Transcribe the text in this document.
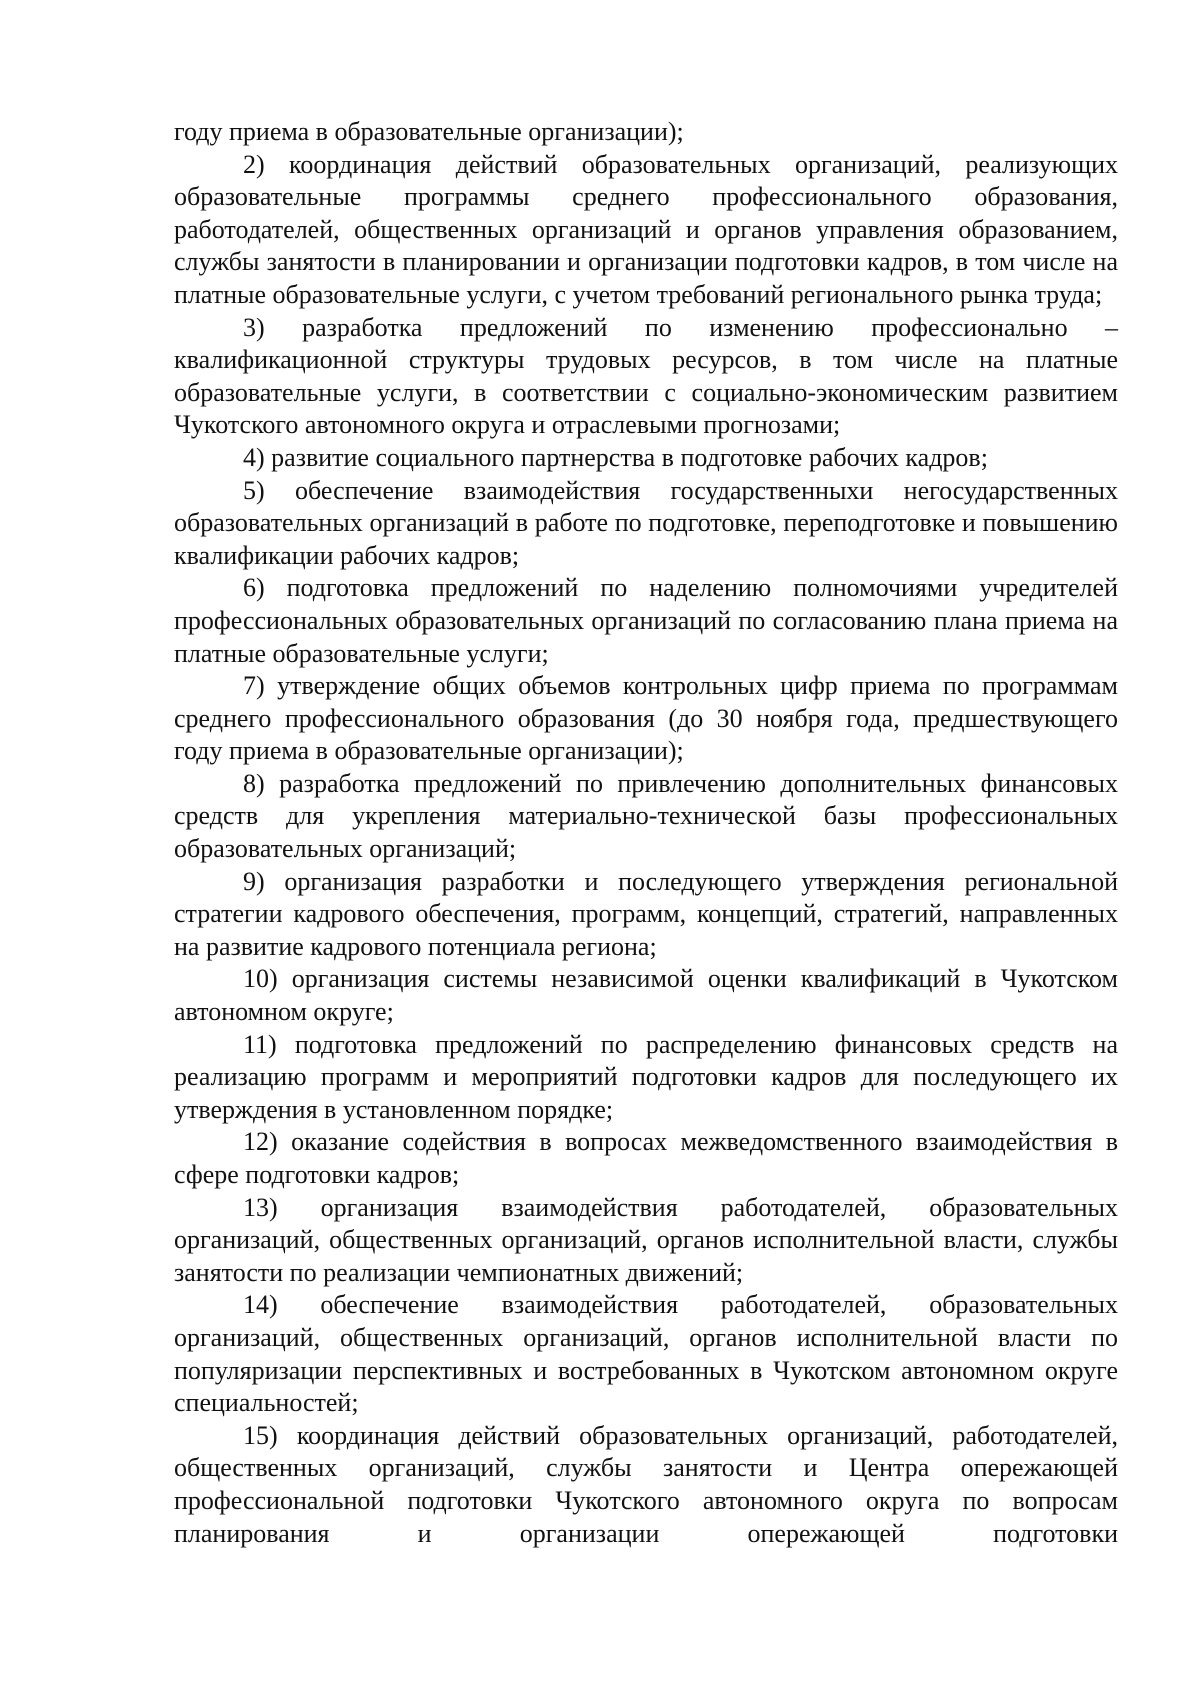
году приема в образовательные организации);

2) координация действий образовательных организаций, реализующих образовательные программы среднего профессионального образования, работодателей, общественных организаций и органов управления образованием, службы занятости в планировании и организации подготовки кадров, в том числе на платные образовательные услуги, с учетом требований регионального рынка труда;

3) разработка предложений по изменению профессионально – квалификационной структуры трудовых ресурсов, в том числе на платные образовательные услуги, в соответствии с социально-экономическим развитием Чукотского автономного округа и отраслевыми прогнозами;

4) развитие социального партнерства в подготовке рабочих кадров;

5) обеспечение взаимодействия государственныхи негосударственных образовательных организаций в работе по подготовке, переподготовке и повышению квалификации рабочих кадров;

6) подготовка предложений по наделению полномочиями учредителей профессиональных образовательных организаций по согласованию плана приема на платные образовательные услуги;

7) утверждение общих объемов контрольных цифр приема по программам среднего профессионального образования (до 30 ноября года, предшествующего году приема в образовательные организации);

8) разработка предложений по привлечению дополнительных финансовых средств для укрепления материально-технической базы профессиональных образовательных организаций;

9) организация разработки и последующего утверждения региональной стратегии кадрового обеспечения, программ, концепций, стратегий, направленных на развитие кадрового потенциала региона;

10) организация системы независимой оценки квалификаций в Чукотском автономном округе;

11) подготовка предложений по распределению финансовых средств на реализацию программ и мероприятий подготовки кадров для последующего их утверждения в установленном порядке;

12) оказание содействия в вопросах межведомственного взаимодействия в сфере подготовки кадров;

13) организация взаимодействия работодателей, образовательных организаций, общественных организаций, органов исполнительной власти, службы занятости по реализации чемпионатных движений;

14) обеспечение взаимодействия работодателей, образовательных организаций, общественных организаций, органов исполнительной власти по популяризации перспективных и востребованных в Чукотском автономном округе специальностей;

15) координация действий образовательных организаций, работодателей, общественных организаций, службы занятости и Центра опережающей профессиональной подготовки Чукотского автономного округа по вопросам планирования и организации опережающей подготовки
